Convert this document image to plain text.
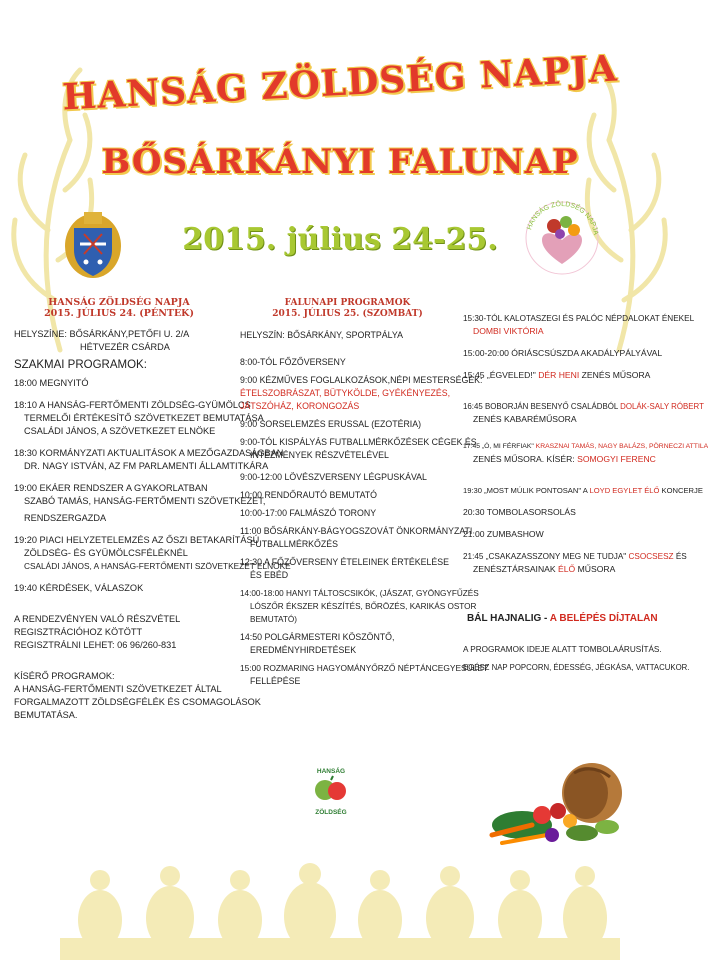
HANSÁG ZÖLDSÉG NAPJA
BŐSÁRKÁNYI FALUNAP
2015. július 24-25.	HANSÁG ZÖLDSÉG NAPJA
HANSÁG ZÖLDSÉG NAPJA
2015. JÚLIUS 24. (PÉNTEK)
HELYSZÍNE: BŐSÁRKÁNY,PETŐFI U. 2/A
HÉTVEZÉR CSÁRDA
SZAKMAI PROGRAMOK:
18:00 MEGNYITÓ
18:10 A HANSÁG-FERTŐMENTI ZÖLDSÉG-GYÜMÖLCS
TERMELŐI ÉRTÉKESÍTŐ SZÖVETKEZET BEMUTATÁSA
CSALÁDI JÁNOS, A SZÖVETKEZET ELNÖKE
18:30 KORMÁNYZATI AKTUALITÁSOK A MEZŐGAZDASÁGBAN
DR. NAGY ISTVÁN, AZ FM PARLAMENTI ÁLLAMTITKÁRA
19:00 EKÁER RENDSZER A GYAKORLATBAN
SZABÓ TAMÁS, HANSÁG-FERTŐMENTI SZÖVETKEZET,
RENDSZERGAZDA
19:20 PIACI HELYZETELEMZÉS AZ ŐSZI BETAKARÍTÁSÚ
ZÖLDSÉG- ÉS GYÜMÖLCSFÉLÉKNÉL
CSALÁDI JÁNOS, A HANSÁG-FERTŐMENTI SZÖVETKEZET ELNÖKE
19:40 KÉRDÉSEK, VÁLASZOK
A RENDEZVÉNYEN VALÓ RÉSZVÉTEL
REGISZTRÁCIÓHOZ KÖTÖTT
REGISZTRÁLNI LEHET: 06 96/260-831
KÍSÉRŐ PROGRAMOK:
A HANSÁG-FERTŐMENTI SZÖVETKEZET ÁLTAL
FORGALMAZOTT ZÖLDSÉGFÉLÉK ÉS CSOMAGOLÁSOK
BEMUTATÁSA.
FALUNAPI PROGRAMOK
2015. JÚLIUS 25. (SZOMBAT)
HELYSZÍN: BŐSÁRKÁNY, SPORTPÁLYA
8:00-TÓL FŐZŐVERSENY
9:00 KÉZMŰVES FOGLALKOZÁSOK,NÉPI MESTERSÉGEK:
ÉTELSZOBRÁSZAT, BÜTYKÖLDE, GYÉKÉNYEZÉS,
JÁTSZÓHÁZ, KORONGOZÁS
9:00 SORSELEMZÉS ERUSSAL (EZOTÉRIA)
9:00-TÓL KISPÁLYÁS FUTBALLMÉRKŐZÉSEK CÉGEK ÉS
INTÉZMÉNYEK RÉSZVÉTELÉVEL
9:00-12:00 LÖVÉSZVERSENY LÉGPUSKÁVAL
10:00 RENDŐRAUTÓ BEMUTATÓ
10:00-17:00 FALMÁSZÓ TORONY
11:00 BŐSÁRKÁNY-BÁGYOGSZOVÁT ÖNKORMÁNYZATI
FUTBALLMÉRKŐZÉS
12:30 A FŐZŐVERSENY ÉTELEINEK ÉRTÉKELÉSE
ÉS EBÉD
14:00-18:00 HANYI TÁLTOSCSIKÓK, (JÁSZAT, GYÖNGYFŰZÉS
LÓSZŐR ÉKSZER KÉSZÍTÉS, BŐRÖZÉS, KARIKÁS OSTOR
BEMUTATÓ)
14:50 POLGÁRMESTERI KÖSZÖNTŐ,
EREDMÉNYHIRDETÉSEK
15:00 ROZMARING HAGYOMÁNYŐRZŐ NÉPTÁNCEGYESÜLET
FELLÉPÉSE
HANSÁG
ZÖLDSÉG
15:30-TÓL KALOTASZEGI ÉS PALÓC NÉPDALOKAT ÉNEKEL
DOMBI VIKTÓRIA
15:00-20:00 ÓRIÁSCSÚSZDA AKADÁLYPÁLYÁVAL
15:45 „ÉGVELED!" DÉR HENI ZENÉS MŰSORA
16:45 BOBORJÁN BESENYŐ CSALÁDBÓL DOLÁK-SALY RÓBERT
ZENÉS KABARÉMŰSORA
17:45 „Ó, MI FÉRFIAK" KRASZNAI TAMÁS, NAGY BALÁZS, PÖRNECZI ATTILA
ZENÉS MŰSORA. KÍSÉR: SOMOGYI FERENC
19:30 „MOST MÚLIK PONTOSAN" A LOYD EGYLET ÉLŐ KONCERJE
20:30 TOMBOLASORSOLÁS
21:00 ZUMBASHOW
21:45 „CSAKAZASSZONY MEG NE TUDJA" CSOCSESZ ÉS
ZENÉSZTÁRSAINAK ÉLŐ MŰSORA
BÁL HAJNALIG - A BELÉPÉS DÍJTALAN
A PROGRAMOK IDEJE ALATT TOMBOLAÁRUSÍTÁS.
EGÉSZ NAP POPCORN, ÉDESSÉG, JÉGKÁSA, VATTACUKOR.
